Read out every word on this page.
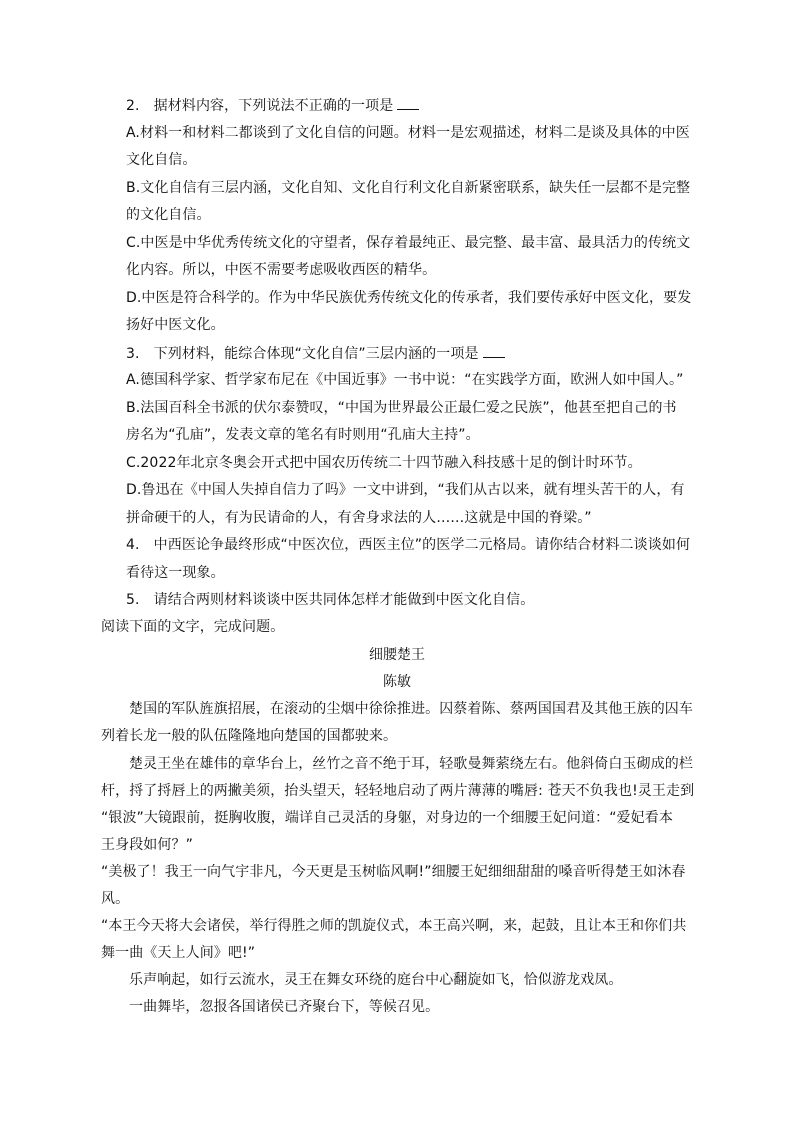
2.　据材料内容，下列说法不正确的一项是
A.材料一和材料二都谈到了文化自信的问题。材料一是宏观描述，材料二是谈及具体的中医
文化自信。
B.文化自信有三层内涵，文化自知、文化自行利文化自新紧密联系，缺失任一层都不是完整
的文化自信。
C.中医是中华优秀传统文化的守望者，保存着最纯正、最完整、最丰富、最具活力的传统文
化内容。所以，中医不需要考虑吸收西医的精华。
D.中医是符合科学的。作为中华民族优秀传统文化的传承者，我们要传承好中医文化，要发
扬好中医文化。
3.　下列材料，能综合体现“文化自信”三层内涵的一项是
A.德国科学家、哲学家布尼在《中国近事》一书中说：“在实践学方面，欧洲人如中国人。”
B.法国百科全书派的伏尔泰赞叹，“中国为世界最公正最仁爱之民族”，他甚至把自己的书
房名为“孔庙”，发表文章的笔名有时则用“孔庙大主持”。
C.2022年北京冬奥会开式把中国农历传统二十四节融入科技感十足的倒计时环节。
D.鲁迅在《中国人失掉自信力了吗》一文中讲到，“我们从古以来，就有埋头苦干的人，有
拼命硬干的人，有为民请命的人，有舍身求法的人……这就是中国的脊梁。”
4.　中西医论争最终形成“中医次位，西医主位”的医学二元格局。请你结合材料二谈谈如何
看待这一现象。
5.　请结合两则材料谈谈中医共同体怎样才能做到中医文化自信。
阅读下面的文字，完成问题。
细腰楚王
陈敏
楚国的军队旌旗招展，在滚动的尘烟中徐徐推进。囚蔡着陈、蔡两国国君及其他王族的囚车
列着长龙一般的队伍隆隆地向楚国的国都驶来。
楚灵王坐在雄伟的章华台上，丝竹之音不绝于耳，轻歌曼舞萦绕左右。他斜倚白玉砌成的栏
杆，捋了捋唇上的两撇美须，抬头望天，轻轻地启动了两片薄薄的嘴唇: 苍天不负我也!灵王走到
“银波”大镜跟前，挺胸收腹，端详自己灵活的身躯，对身边的一个细腰王妃问道：“爱妃看本
王身段如何？”
“美极了！我王一向气宇非凡，今天更是玉树临风啊!”细腰王妃细细甜甜的嗓音听得楚王如沐春
风。
“本王今天将大会诸侯，举行得胜之师的凯旋仪式，本王高兴啊，来，起鼓，且让本王和你们共
舞一曲《天上人间》吧!”
乐声响起，如行云流水，灵王在舞女环绕的庭台中心翻旋如飞，恰似游龙戏凤。
一曲舞毕，忽报各国诸侯已齐聚台下，等候召见。
